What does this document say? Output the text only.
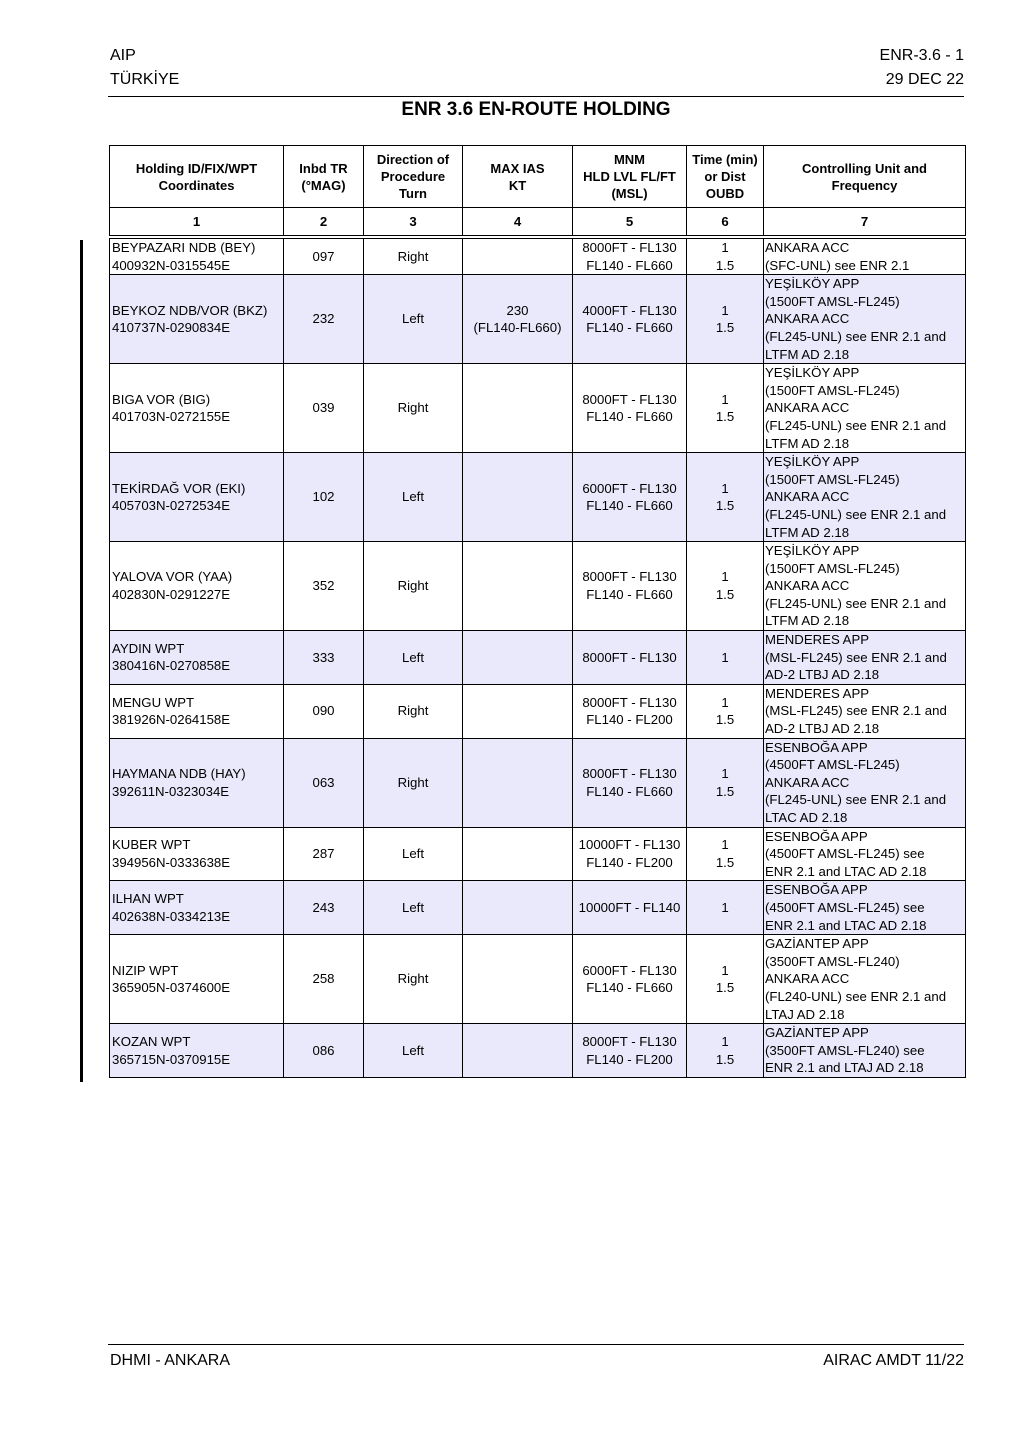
AIP
TÜRKİYE
ENR-3.6 - 1
29 DEC 22
ENR 3.6 EN-ROUTE HOLDING
Holding ID/FIX/WPT
Coordinates	Inbd TR
(°MAG)	Direction of
Procedure
Turn	MAX IAS
KT	MNM
HLD LVL FL/FT
(MSL)	Time (min)
or Dist
OUBD	Controlling Unit and
Frequency

1	2	3	4	5	6	7

BEYPAZARI NDB (BEY)
400932N-0315545E	097	Right		8000FT - FL130
FL140 - FL660	1
1.5	ANKARA ACC
(SFC-UNL) see ENR 2.1

BEYKOZ NDB/VOR (BKZ)
410737N-0290834E	232	Left	230
(FL140-FL660)	4000FT - FL130
FL140 - FL660	1
1.5	YEŞİLKÖY APP
(1500FT AMSL-FL245)
ANKARA ACC
(FL245-UNL) see ENR 2.1 and
LTFM AD 2.18

BIGA VOR (BIG)
401703N-0272155E	039	Right		8000FT - FL130
FL140 - FL660	1
1.5	YEŞİLKÖY APP
(1500FT AMSL-FL245)
ANKARA ACC
(FL245-UNL) see ENR 2.1 and
LTFM AD 2.18

TEKİRDAĞ VOR (EKI)
405703N-0272534E	102	Left		6000FT - FL130
FL140 - FL660	1
1.5	YEŞİLKÖY APP
(1500FT AMSL-FL245)
ANKARA ACC
(FL245-UNL) see ENR 2.1 and
LTFM AD 2.18

YALOVA VOR (YAA)
402830N-0291227E	352	Right		8000FT - FL130
FL140 - FL660	1
1.5	YEŞİLKÖY APP
(1500FT AMSL-FL245)
ANKARA ACC
(FL245-UNL) see ENR 2.1 and
LTFM AD 2.18

AYDIN WPT
380416N-0270858E	333	Left		8000FT - FL130	1	MENDERES APP
(MSL-FL245) see ENR 2.1 and
AD-2 LTBJ AD 2.18

MENGU WPT
381926N-0264158E	090	Right		8000FT - FL130
FL140 - FL200	1
1.5	MENDERES APP
(MSL-FL245) see ENR 2.1 and
AD-2 LTBJ AD 2.18

HAYMANA NDB (HAY)
392611N-0323034E	063	Right		8000FT - FL130
FL140 - FL660	1
1.5	ESENBOĞA APP
(4500FT AMSL-FL245)
ANKARA ACC
(FL245-UNL) see ENR 2.1 and
LTAC AD 2.18

KUBER WPT
394956N-0333638E	287	Left		10000FT - FL130
FL140 - FL200	1
1.5	ESENBOĞA APP
(4500FT AMSL-FL245) see
ENR 2.1 and LTAC AD 2.18

ILHAN WPT
402638N-0334213E	243	Left		10000FT - FL140	1	ESENBOĞA APP
(4500FT AMSL-FL245) see
ENR 2.1 and LTAC AD 2.18

NIZIP WPT
365905N-0374600E	258	Right		6000FT - FL130
FL140 - FL660	1
1.5	GAZİANTEP APP
(3500FT AMSL-FL240)
ANKARA ACC
(FL240-UNL) see ENR 2.1 and
LTAJ AD 2.18

KOZAN WPT
365715N-0370915E	086	Left		8000FT - FL130
FL140 - FL200	1
1.5	GAZİANTEP APP
(3500FT AMSL-FL240) see
ENR 2.1 and LTAJ AD 2.18
DHMI - ANKARA	AIRAC AMDT 11/22
